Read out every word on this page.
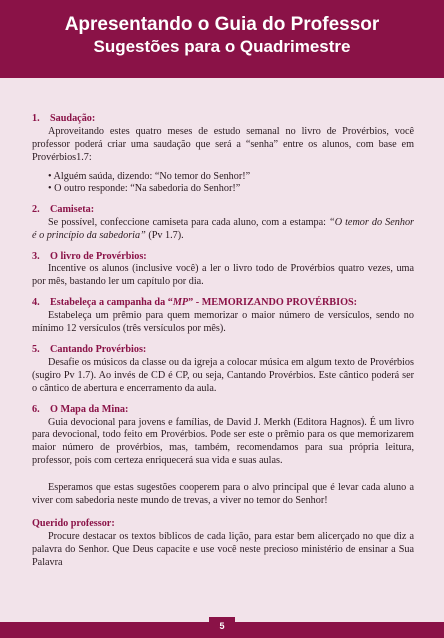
Apresentando o Guia do Professor
Sugestões para o Quadrimestre
1. Saudação:

Aproveitando estes quatro meses de estudo semanal no livro de Provérbios, você professor poderá criar uma saudação que será a “senha” entre os alunos, com base em Provérbios1.7:

• Alguém saúda, dizendo: “No temor do Senhor!”
• O outro responde: “Na sabedoria do Senhor!”
2. Camiseta:

Se possível, confeccione camiseta para cada aluno, com a estampa: “O temor do Senhor é o princípio da sabedoria” (Pv 1.7).

3. O livro de Provérbios:

Incentive os alunos (inclusive você) a ler o livro todo de Provérbios quatro vezes, uma por mês, bastando ler um capítulo por dia.

4. Estabeleça a campanha da “MP” - MEMORIZANDO PROVÉRBIOS:

Estabeleça um prêmio para quem memorizar o maior número de versículos, sendo no mínimo 12 versículos (três versículos por mês).

5. Cantando Provérbios:

Desafie os músicos da classe ou da igreja a colocar música em algum texto de Provérbios (sugiro Pv 1.7). Ao invés de CD é CP, ou seja, Cantando Provérbios. Este cântico poderá ser o cântico de abertura e encerramento da aula.

6. O Mapa da Mina:

Guia devocional para jovens e famílias, de David J. Merkh (Editora Hagnos). É um livro para devocional, todo feito em Provérbios. Pode ser este o prêmio para os que memorizarem maior número de provérbios, mas, também, recomendamos para sua própria leitura, professor, pois com certeza enriquecerá sua vida e suas aulas.

Esperamos que estas sugestões cooperem para o alvo principal que é levar cada aluno a viver com sabedoria neste mundo de trevas, a viver no temor do Senhor!

Querido professor:

Procure destacar os textos bíblicos de cada lição, para estar bem alicerçado no que diz a palavra do Senhor. Que Deus capacite e use você neste precioso ministério de ensinar a Sua Palavra

5
